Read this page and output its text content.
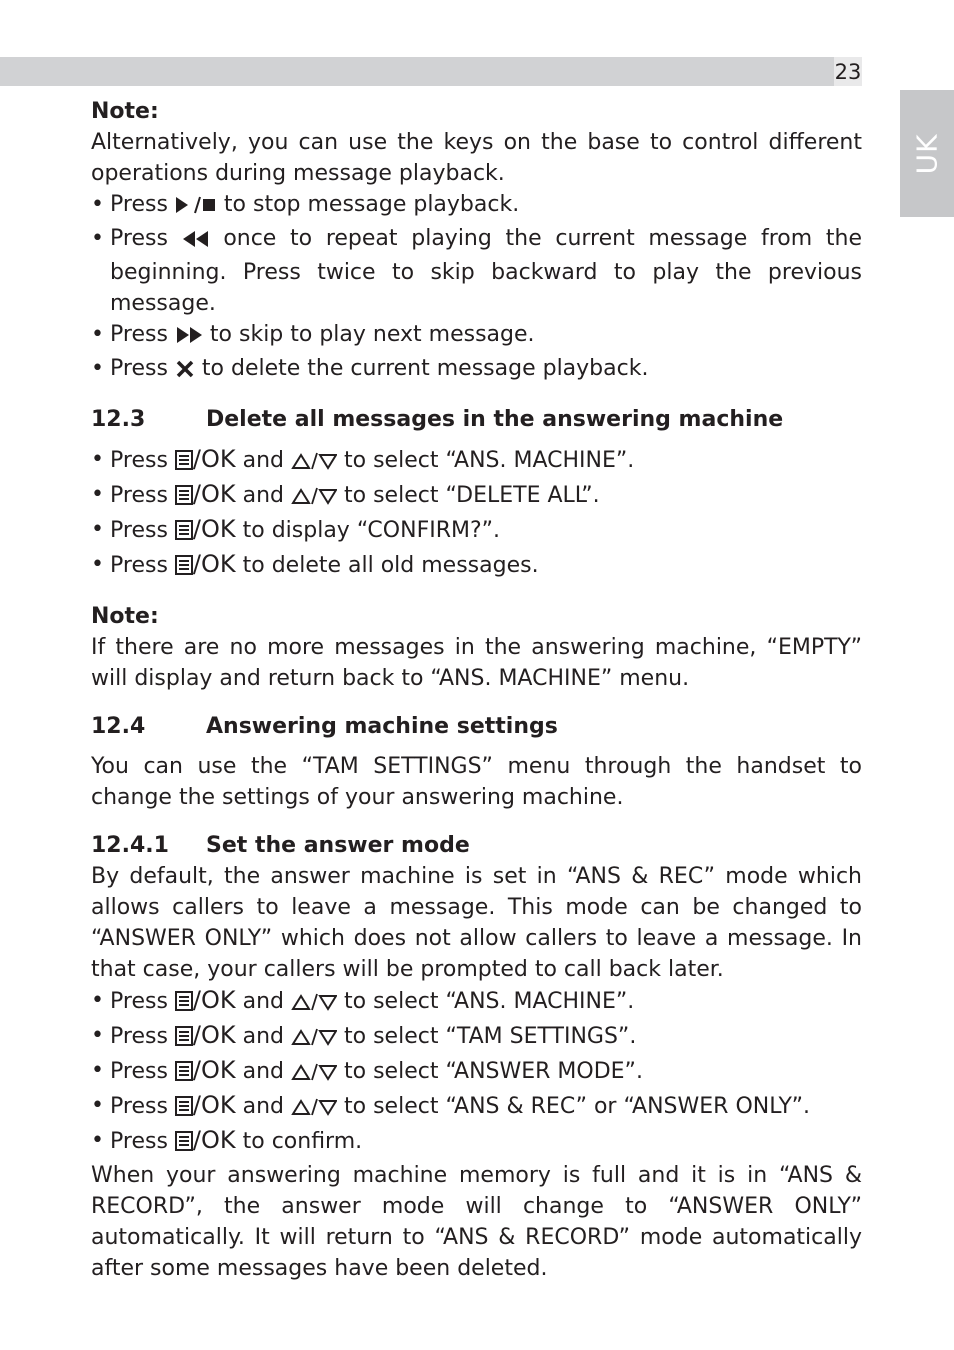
23
UK

Note:

Alternatively, you can use the keys on the base to control different operations during message playback.

• Press	to stop message playback.

• Press	once to repeat playing the current message from the beginning. Press twice to skip backward to play the previous message.

• Press to skip to play next message.

• Press to delete the current message playback.

12.3	Delete all messages in the answering machine

• Press /OK and	to select “ANS. MACHINE”.

• Press /OK and	to select “DELETE ALL”.

• Press /OK to display “CONFIRM?”.

• Press /OK to delete all old messages.

Note:

If there are no more messages in the answering machine, “EMPTY” will display and return back to “ANS. MACHINE” menu.

12.4	Answering machine settings

You can use the “TAM SETTINGS” menu through the handset to change the settings of your answering machine.

12.4.1	Set the answer mode

By default, the answer machine is set in “ANS & REC” mode which allows callers to leave a message. This mode can be changed to “ANSWER ONLY” which does not allow callers to leave a message. In that case, your callers will be prompted to call back later.

• Press /OK and	to select “ANS. MACHINE”.

• Press /OK and	to select “TAM SETTINGS”.

• Press /OK and	to select “ANSWER MODE”.

• Press /OK and	to select “ANS & REC” or “ANSWER ONLY”.

• Press /OK to confirm.

When your answering machine memory is full and it is in “ANS & RECORD”, the answer mode will change to “ANSWER ONLY” automatically. It will return to “ANS & RECORD” mode automatically after some messages have been deleted.
